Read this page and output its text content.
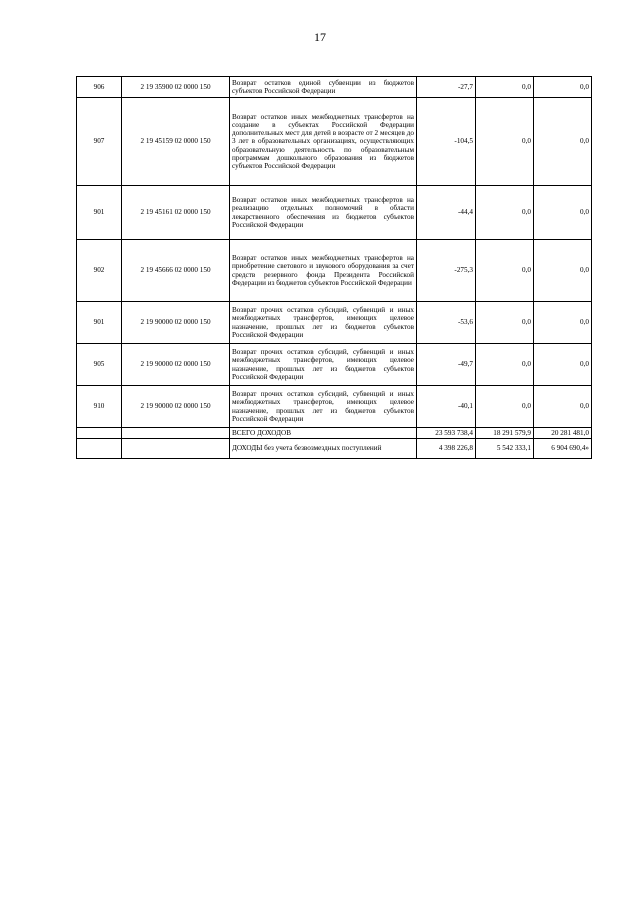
17
906	2 19 35900 02 0000 150	Возврат остатков единой субвенции из бюджетов субъектов Российской Федерации	-27,7	0,0	0,0
907	2 19 45159 02 0000 150	Возврат остатков иных межбюджетных трансфертов на создание в субъектах Российской Федерации дополнительных мест для детей в возрасте от 2 месяцев до 3 лет в образовательных организациях, осуществляющих образовательную деятельность по образовательным программам дошкольного образования из бюджетов субъектов Российской Федерации	-104,5	0,0	0,0
901	2 19 45161 02 0000 150	Возврат остатков иных межбюджетных трансфертов на реализацию отдельных полномочий в области лекарственного обеспечения из бюджетов субъектов Российской Федерации	-44,4	0,0	0,0
902	2 19 45666 02 0000 150	Возврат остатков иных межбюджетных трансфертов на приобретение светового и звукового оборудования за счет средств резервного фонда Президента Российской Федерации из бюджетов субъектов Российской Федерации	-275,3	0,0	0,0
901	2 19 90000 02 0000 150	Возврат прочих остатков субсидий, субвенций и иных межбюджетных трансфертов, имеющих целевое назначение, прошлых лет из бюджетов субъектов Российской Федерации	-53,6	0,0	0,0
905	2 19 90000 02 0000 150	Возврат прочих остатков субсидий, субвенций и иных межбюджетных трансфертов, имеющих целевое назначение, прошлых лет из бюджетов субъектов Российской Федерации	-49,7	0,0	0,0
910	2 19 90000 02 0000 150	Возврат прочих остатков субсидий, субвенций и иных межбюджетных трансфертов, имеющих целевое назначение, прошлых лет из бюджетов субъектов Российской Федерации	-40,1	0,0	0,0
		ВСЕГО ДОХОДОВ	23 593 738,4	18 291 579,9	20 281 481,0
		ДОХОДЫ без учета безвозмездных поступлений	4 398 226,8	5 542 333,1	6 904 690,4»
